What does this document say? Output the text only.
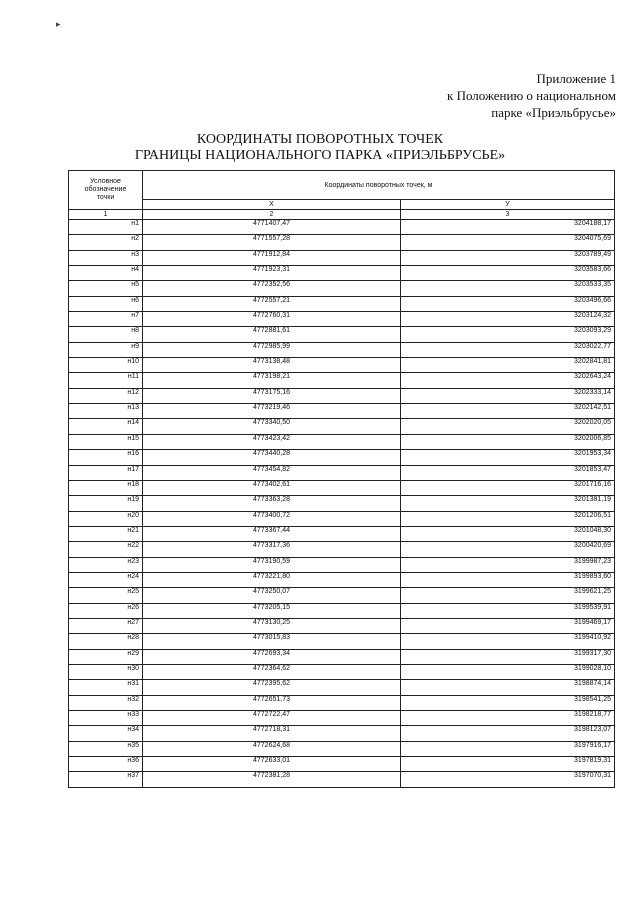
Приложение 1
к Положению о национальном
парке «Приэльбрусье»
КООРДИНАТЫ ПОВОРОТНЫХ ТОЧЕК
ГРАНИЦЫ НАЦИОНАЛЬНОГО ПАРКА «ПРИЭЛЬБРУСЬЕ»
▸
Условное
обозначение
точки	Координаты поворотных точек, м	
	X	У
1	2	3
н1	4771407,47	3204188,17
н2	4771557,28	3204075,69
н3	4771912,84	3203789,49
н4	4771923,31	3203583,66
н5	4772352,56	3203533,35
н6	4772557,21	3203496,66
н7	4772760,31	3203124,32
н8	4772881,61	3203093,29
н9	4772985,99	3203022,77
н10	4773138,48	3202841,81
н11	4773198,21	3202643,24
н12	4773175,16	3202333,14
н13	4773219,46	3202142,51
н14	4773340,50	3202020,05
н15	4773423,42	3202006,85
н16	4773440,28	3201953,34
н17	4773454,82	3201853,47
н18	4773402,61	3201716,16
н19	4773363,28	3201381,19
н20	4773400,72	3201206,51
н21	4773367,44	3201048,30
н22	4773317,36	3200420,69
н23	4773190,59	3199987,23
н24	4773221,80	3199893,60
н25	4773250,07	3199621,25
н26	4773205,15	3199539,91
н27	4773130,25	3199469,17
н28	4773015,83	3199410,92
н29	4772693,34	3199317,30
н30	4772364,62	3199028,10
н31	4772395,62	3198874,14
н32	4772651,73	3198541,25
н33	4772722,47	3198218,77
н34	4772718,31	3198123,07
н35	4772624,68	3197916,17
н36	4772633,01	3197819,31
н37	4772381,28	3197070,31
